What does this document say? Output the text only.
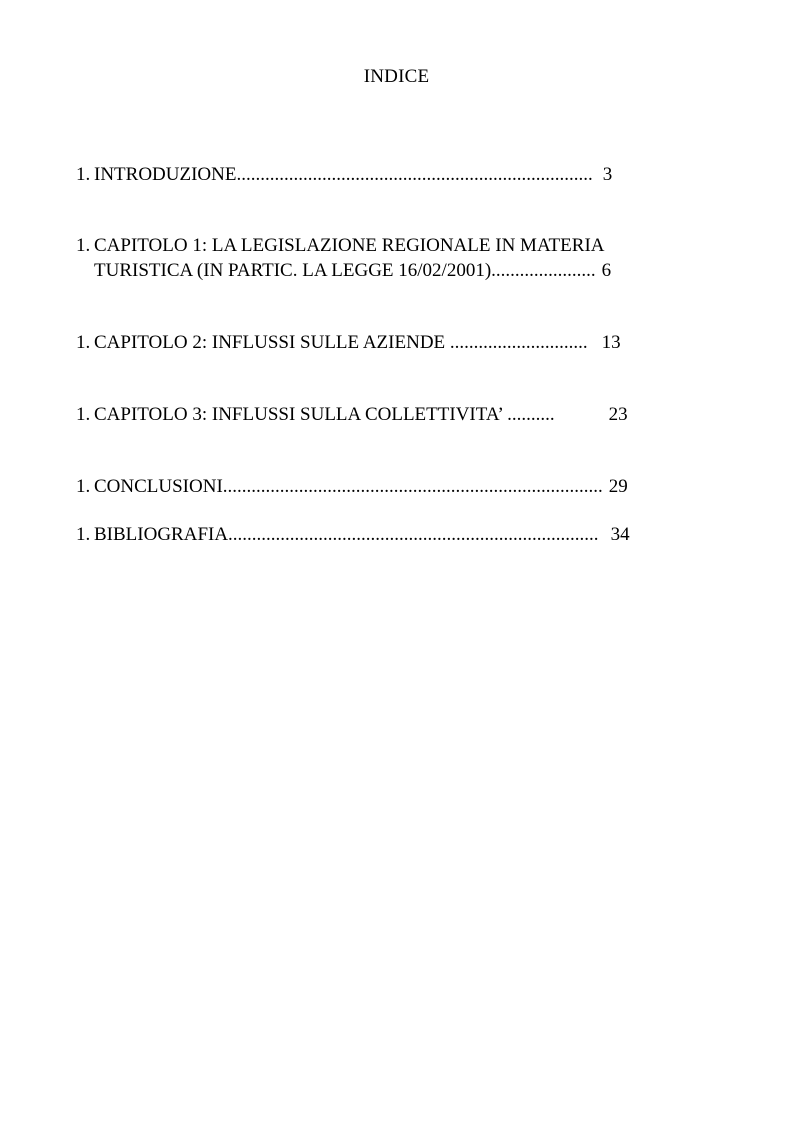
INDICE
1. INTRODUZIONE........................................................................... 3
1. CAPITOLO 1: LA LEGISLAZIONE REGIONALE IN MATERIA
TURISTICA (IN PARTIC. LA LEGGE 16/02/2001)...................... 6
1. CAPITOLO 2: INFLUSSI SULLE AZIENDE ............................. 13
1. CAPITOLO 3: INFLUSSI SULLA COLLETTIVITA’ ..........	23
1. CONCLUSIONI................................................................................ 29
1. BIBLIOGRAFIA.............................................................................. 34
